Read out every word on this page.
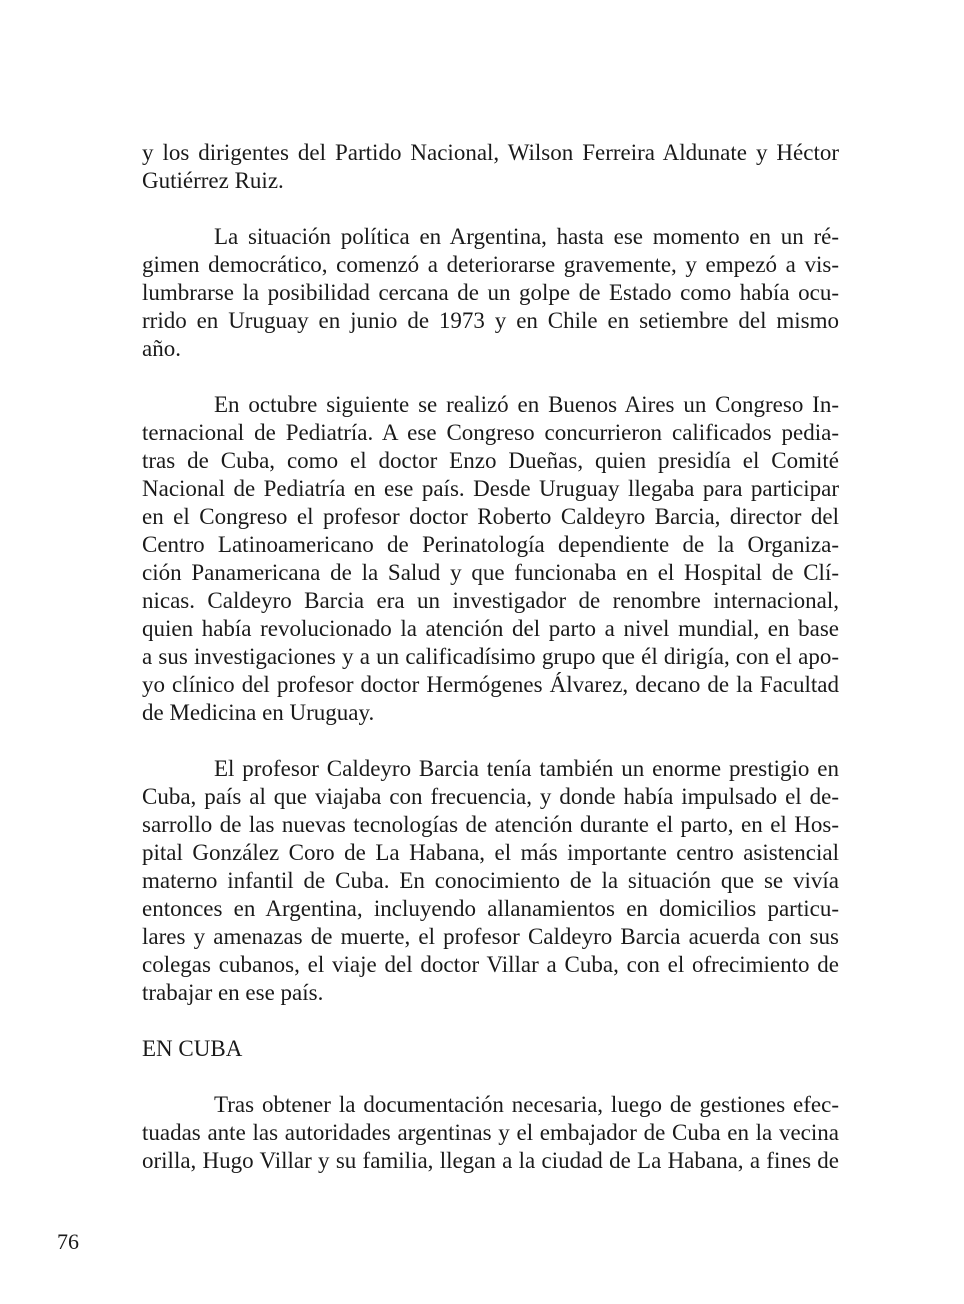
y los dirigentes del Partido Nacional, Wilson Ferreira Aldunate y Héctor
Gutiérrez Ruiz.
La situación política en Argentina, hasta ese momento en un ré-
gimen democrático, comenzó a deteriorarse gravemente, y empezó a vis-
lumbrarse la posibilidad cercana de un golpe de Estado como había ocu-
rrido en Uruguay en junio de 1973 y en Chile en setiembre del mismo
año.
En octubre siguiente se realizó en Buenos Aires un Congreso In-
ternacional de Pediatría. A ese Congreso concurrieron calificados pedia-
tras de Cuba, como el doctor Enzo Dueñas, quien presidía el Comité
Nacional de Pediatría en ese país. Desde Uruguay llegaba para participar
en el Congreso el profesor doctor Roberto Caldeyro Barcia, director del
Centro Latinoamericano de Perinatología dependiente de la Organiza-
ción Panamericana de la Salud y que funcionaba en el Hospital de Clí-
nicas. Caldeyro Barcia era un investigador de renombre internacional,
quien había revolucionado la atención del parto a nivel mundial, en base
a sus investigaciones y a un calificadísimo grupo que él dirigía, con el apo-
yo clínico del profesor doctor Hermógenes Álvarez, decano de la Facultad
de Medicina en Uruguay.
El profesor Caldeyro Barcia tenía también un enorme prestigio en
Cuba, país al que viajaba con frecuencia, y donde había impulsado el de-
sarrollo de las nuevas tecnologías de atención durante el parto, en el Hos-
pital González Coro de La Habana, el más importante centro asistencial
materno infantil de Cuba. En conocimiento de la situación que se vivía
entonces en Argentina, incluyendo allanamientos en domicilios particu-
lares y amenazas de muerte, el profesor Caldeyro Barcia acuerda con sus
colegas cubanos, el viaje del doctor Villar a Cuba, con el ofrecimiento de
trabajar en ese país.
EN CUBA
Tras obtener la documentación necesaria, luego de gestiones efec-
tuadas ante las autoridades argentinas y el embajador de Cuba en la vecina
orilla, Hugo Villar y su familia, llegan a la ciudad de La Habana, a fines de
76
